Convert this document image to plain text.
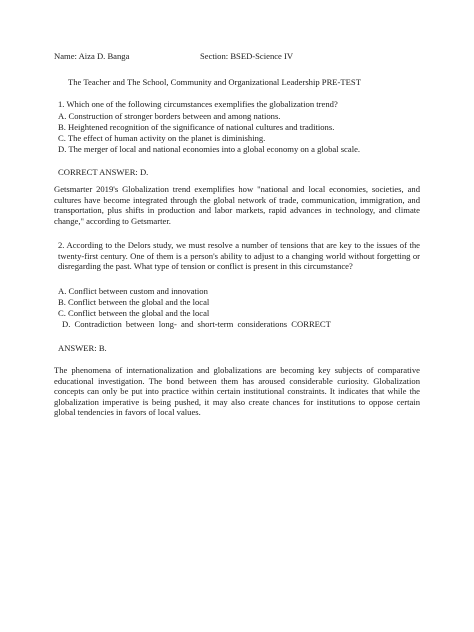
Name: Aiza D. Banga	Section: BSED-Science IV
The Teacher and The School, Community and Organizational Leadership PRE-TEST
1. Which one of the following circumstances exemplifies the globalization trend?
A. Construction of stronger borders between and among nations.
B. Heightened recognition of the significance of national cultures and traditions.
C. The effect of human activity on the planet is diminishing.
D. The merger of local and national economies into a global economy on a global scale.
CORRECT ANSWER: D.
Getsmarter 2019's Globalization trend exemplifies how "national and local economies, societies, and cultures have become integrated through the global network of trade, communication, immigration, and transportation, plus shifts in production and labor markets, rapid advances in technology, and climate change," according to Getsmarter.
2. According to the Delors study, we must resolve a number of tensions that are key to the issues of the twenty-first century. One of them is a person's ability to adjust to a changing world without forgetting or disregarding the past. What type of tension or conflict is present in this circumstance?
A. Conflict between custom and innovation
B. Conflict between the global and the local
C. Conflict between the global and the local
D. Contradiction between long- and short-term considerations CORRECT
ANSWER: B.
The phenomena of internationalization and globalizations are becoming key subjects of comparative educational investigation. The bond between them has aroused considerable curiosity. Globalization concepts can only be put into practice within certain institutional constraints. It indicates that while the globalization imperative is being pushed, it may also create chances for institutions to oppose certain global tendencies in favors of local values.
